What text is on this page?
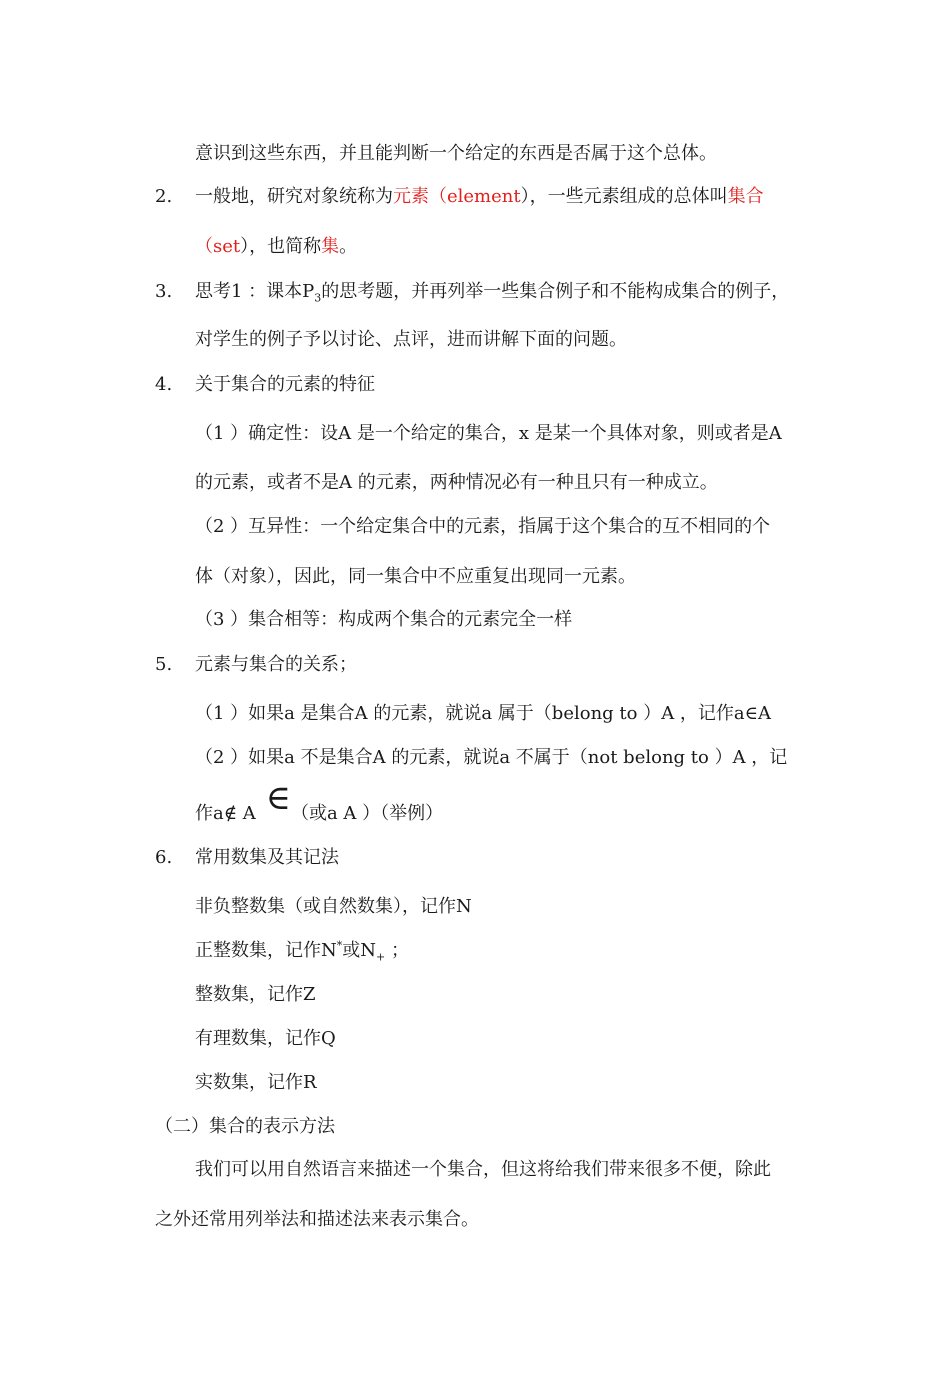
意识到这些东西，并且能判断一个给定的东西是否属于这个总体。
2. 一般地，研究对象统称为元素（element），一些元素组成的总体叫集合
（set），也简称集。
3. 思考1 ：课本$P_3$的思考题，并再列举一些集合例子和不能构成集合的例子，
对学生的例子予以讨论、点评，进而讲解下面的问题。
4. 关于集合的元素的特征
（1 ）确定性：设A 是一个给定的集合，x 是某一个具体对象，则或者是A
的元素，或者不是A 的元素，两种情况必有一种且只有一种成立。
（2 ）互异性：一个给定集合中的元素，指属于这个集合的互不相同的个
体（对象），因此，同一集合中不应重复出现同一元素。
（3 ）集合相等：构成两个集合的元素完全一样
5. 元素与集合的关系；
（1 ）如果a 是集合A 的元素，就说a 属于（belong to ）A ，记作a∈A
（2 ）如果a 不是集合A 的元素，就说a 不属于（not belong to ）A ，记
作a∉ A ∈（或a A ）（举例）
6. 常用数集及其记法
非负整数集（或自然数集），记作N
正整数集，记作N*或$N_+$ ；
整数集，记作Z
有理数集，记作Q
实数集，记作R
（二）集合的表示方法
我们可以用自然语言来描述一个集合，但这将给我们带来很多不便，除此
之外还常用列举法和描述法来表示集合。
